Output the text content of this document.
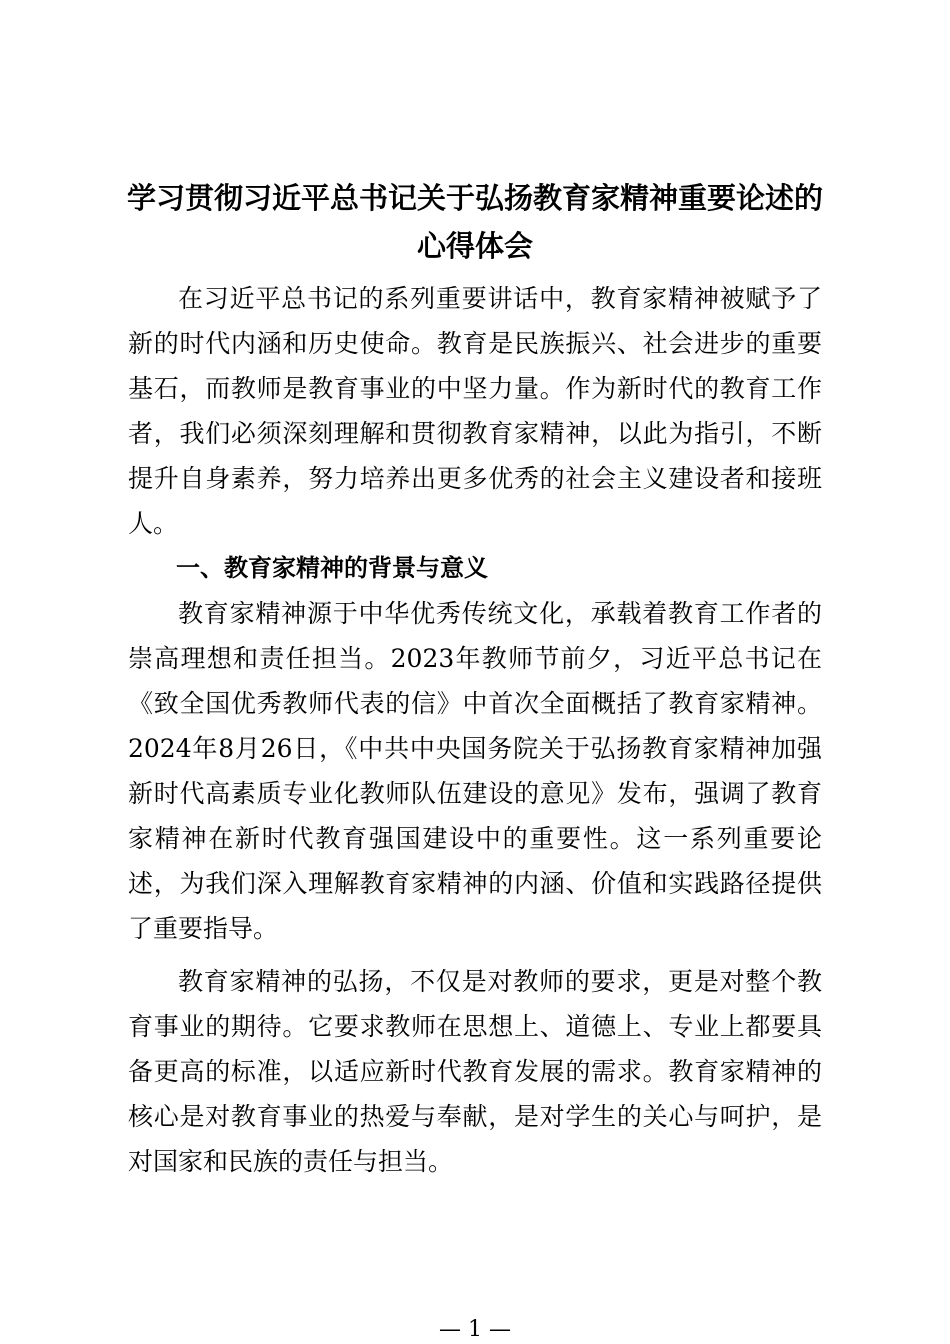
学习贯彻习近平总书记关于弘扬教育家精神重要论述的
心得体会

在习近平总书记的系列重要讲话中，教育家精神被赋予了新的时代内涵和历史使命。教育是民族振兴、社会进步的重要基石，而教师是教育事业的中坚力量。作为新时代的教育工作者，我们必须深刻理解和贯彻教育家精神，以此为指引，不断提升自身素养，努力培养出更多优秀的社会主义建设者和接班人。

一、教育家精神的背景与意义

教育家精神源于中华优秀传统文化，承载着教育工作者的崇高理想和责任担当。2023年教师节前夕，习近平总书记在《致全国优秀教师代表的信》中首次全面概括了教育家精神。2024年8月26日，《中共中央国务院关于弘扬教育家精神加强新时代高素质专业化教师队伍建设的意见》发布，强调了教育家精神在新时代教育强国建设中的重要性。这一系列重要论述，为我们深入理解教育家精神的内涵、价值和实践路径提供了重要指导。

教育家精神的弘扬，不仅是对教师的要求，更是对整个教育事业的期待。它要求教师在思想上、道德上、专业上都要具备更高的标准，以适应新时代教育发展的需求。教育家精神的核心是对教育事业的热爱与奉献，是对学生的关心与呵护，是对国家和民族的责任与担当。

— 1 —
